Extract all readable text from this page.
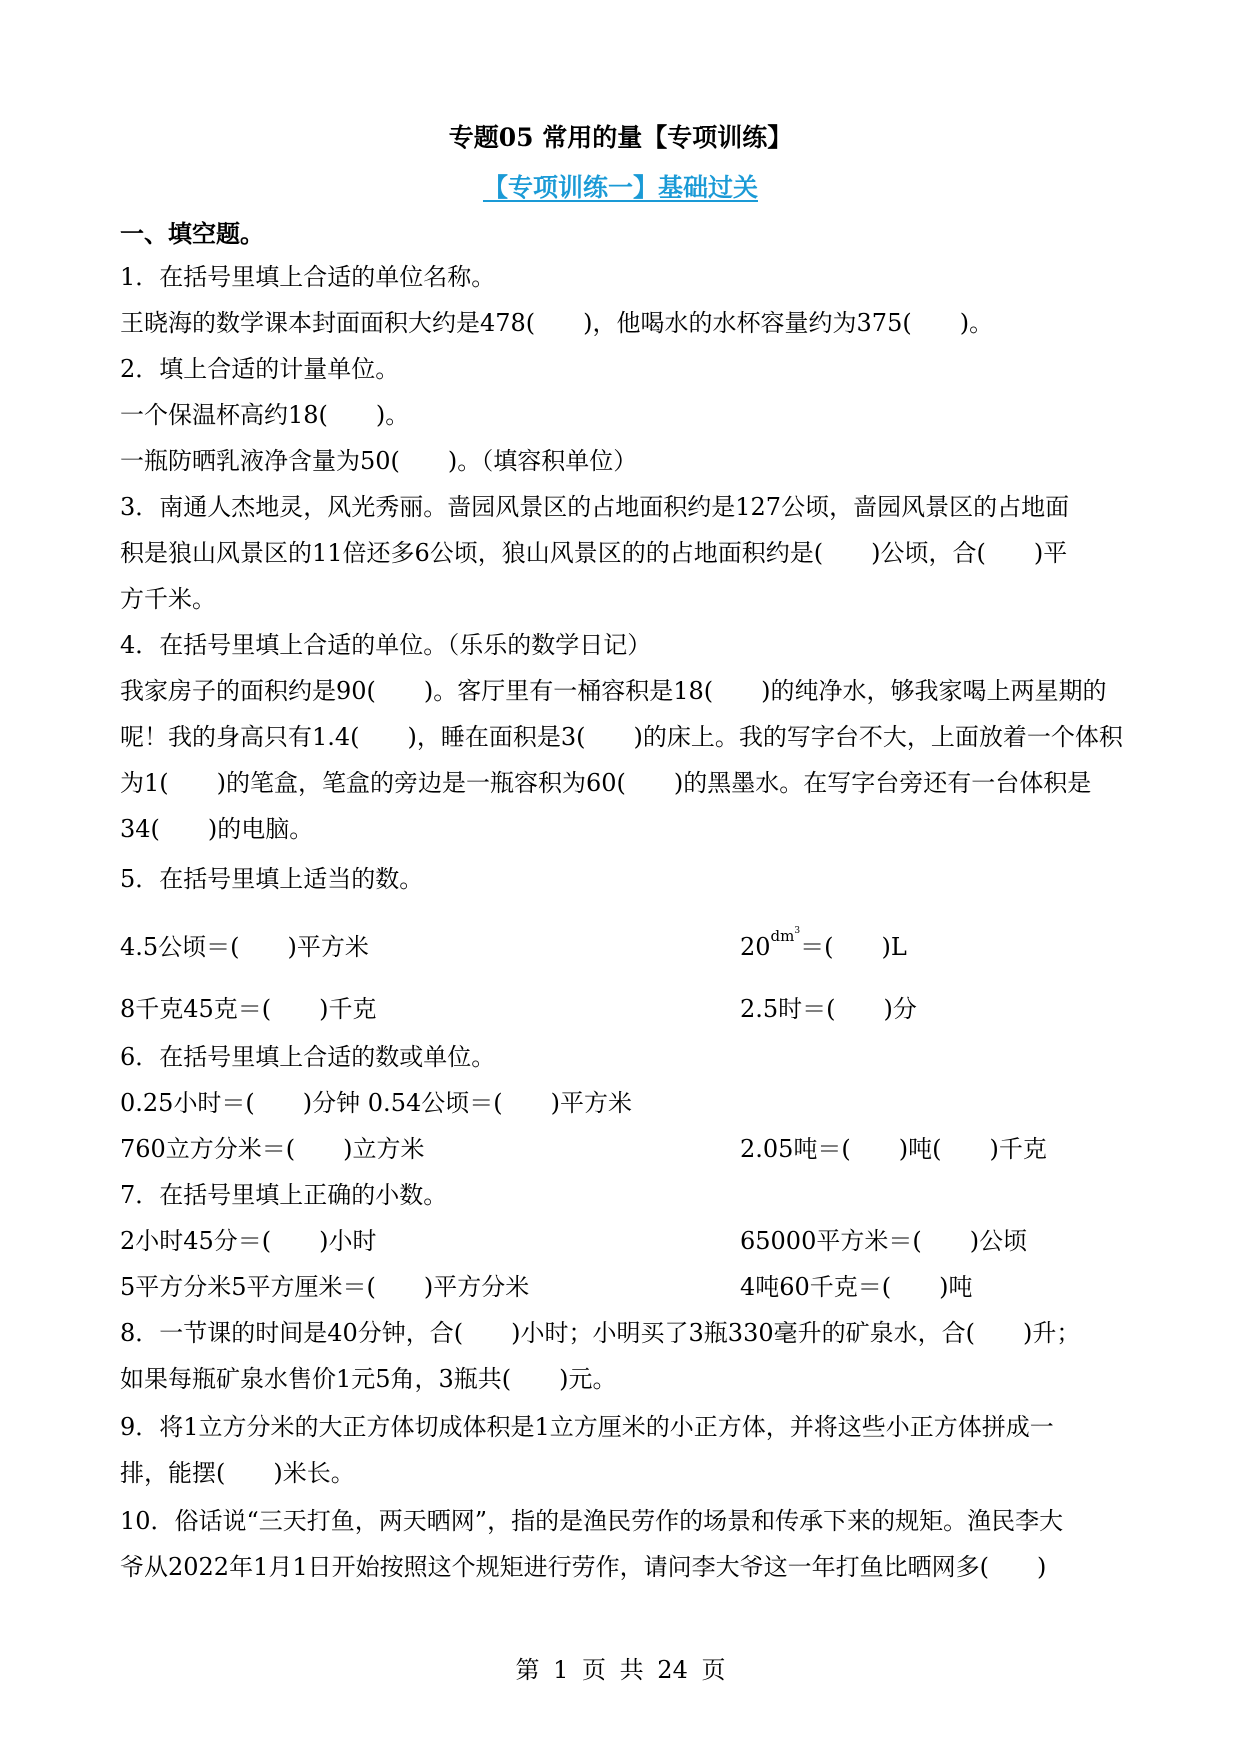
专题05 常用的量【专项训练】
【专项训练一】基础过关
一、填空题。
1．在括号里填上合适的单位名称。
王晓海的数学课本封面面积大约是478(　　)，他喝水的水杯容量约为375(　　)。
2．填上合适的计量单位。
一个保温杯高约18(　　)。
一瓶防晒乳液净含量为50(　　)。（填容积单位）
3．南通人杰地灵，风光秀丽。啬园风景区的占地面积约是127公顷，啬园风景区的占地面
积是狼山风景区的11倍还多6公顷，狼山风景区的的占地面积约是(　　)公顷，合(　　)平
方千米。
4．在括号里填上合适的单位。（乐乐的数学日记）
我家房子的面积约是90(　　)。客厅里有一桶容积是18(　　)的纯净水，够我家喝上两星期的
呢！我的身高只有1.4(　　)，睡在面积是3(　　)的床上。我的写字台不大，上面放着一个体积
为1(　　)的笔盒，笔盒的旁边是一瓶容积为60(　　)的黑墨水。在写字台旁还有一台体积是
34(　　)的电脑。
5．在括号里填上适当的数。
4.5公顷＝(　　)平方米	$20^{dm^3}=$(　　)L
8千克45克＝(　　)千克	2.5时＝(　　)分
6．在括号里填上合适的数或单位。
0.25小时＝(　　)分钟 0.54公顷＝(　　)平方米
760立方分米＝(　　)立方米	2.05吨＝(　　)吨(　　)千克
7．在括号里填上正确的小数。
2小时45分＝(　　)小时	65000平方米＝(　　)公顷
5平方分米5平方厘米＝(　　)平方分米	4吨60千克＝(　　)吨
8．一节课的时间是40分钟，合(　　)小时；小明买了3瓶330毫升的矿泉水，合(　　)升；
如果每瓶矿泉水售价1元5角，3瓶共(　　)元。
9．将1立方分米的大正方体切成体积是1立方厘米的小正方体，并将这些小正方体拼成一
排，能摆(　　)米长。
10．俗话说“三天打鱼，两天晒网”，指的是渔民劳作的场景和传承下来的规矩。渔民李大
爷从2022年1月1日开始按照这个规矩进行劳作，请问李大爷这一年打鱼比晒网多(　　)
第 1 页 共 24 页
